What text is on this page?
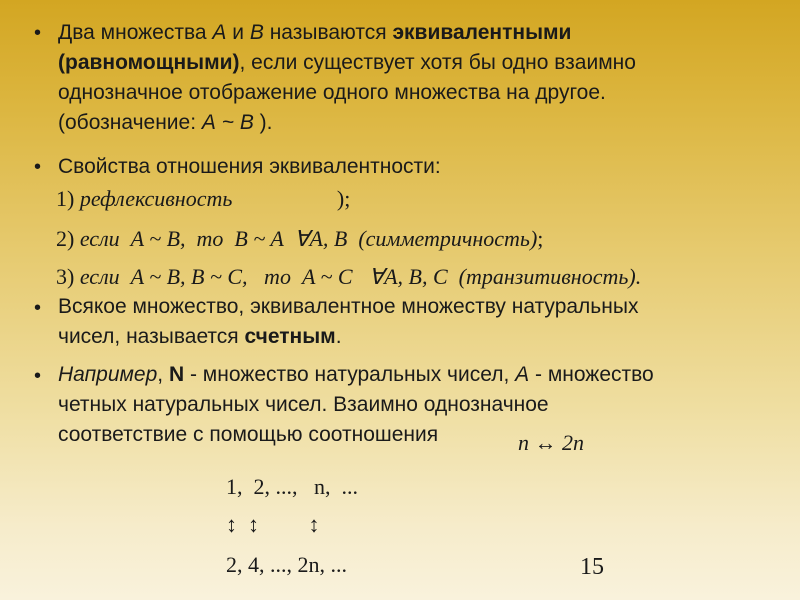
• Два множества А и В называются эквивалентными
(равномощными), если существует хотя бы одно взаимно
однозначное отображение одного множества на другое.
(обозначение: А ~ В ).
• Свойства отношения эквивалентности:
1) рефлексивность                   );
2) если  A ~ B,  то  B ~ A  ∀A, B  (симметричность);
3) если  A ~ B, B ~ C,   то  A ~ C   ∀A, B, C  (транзитивность).
• Всякое множество, эквивалентное множеству натуральных
чисел, называется счетным.
• Например, N - множество натуральных чисел, А - множество
четных натуральных чисел. Взаимно однозначное
соответствие с помощью соотношения	n ↔ 2n
1,  2, ...,   n,  ...
↕  ↕         ↕
2, 4, ..., 2n, ...	15
